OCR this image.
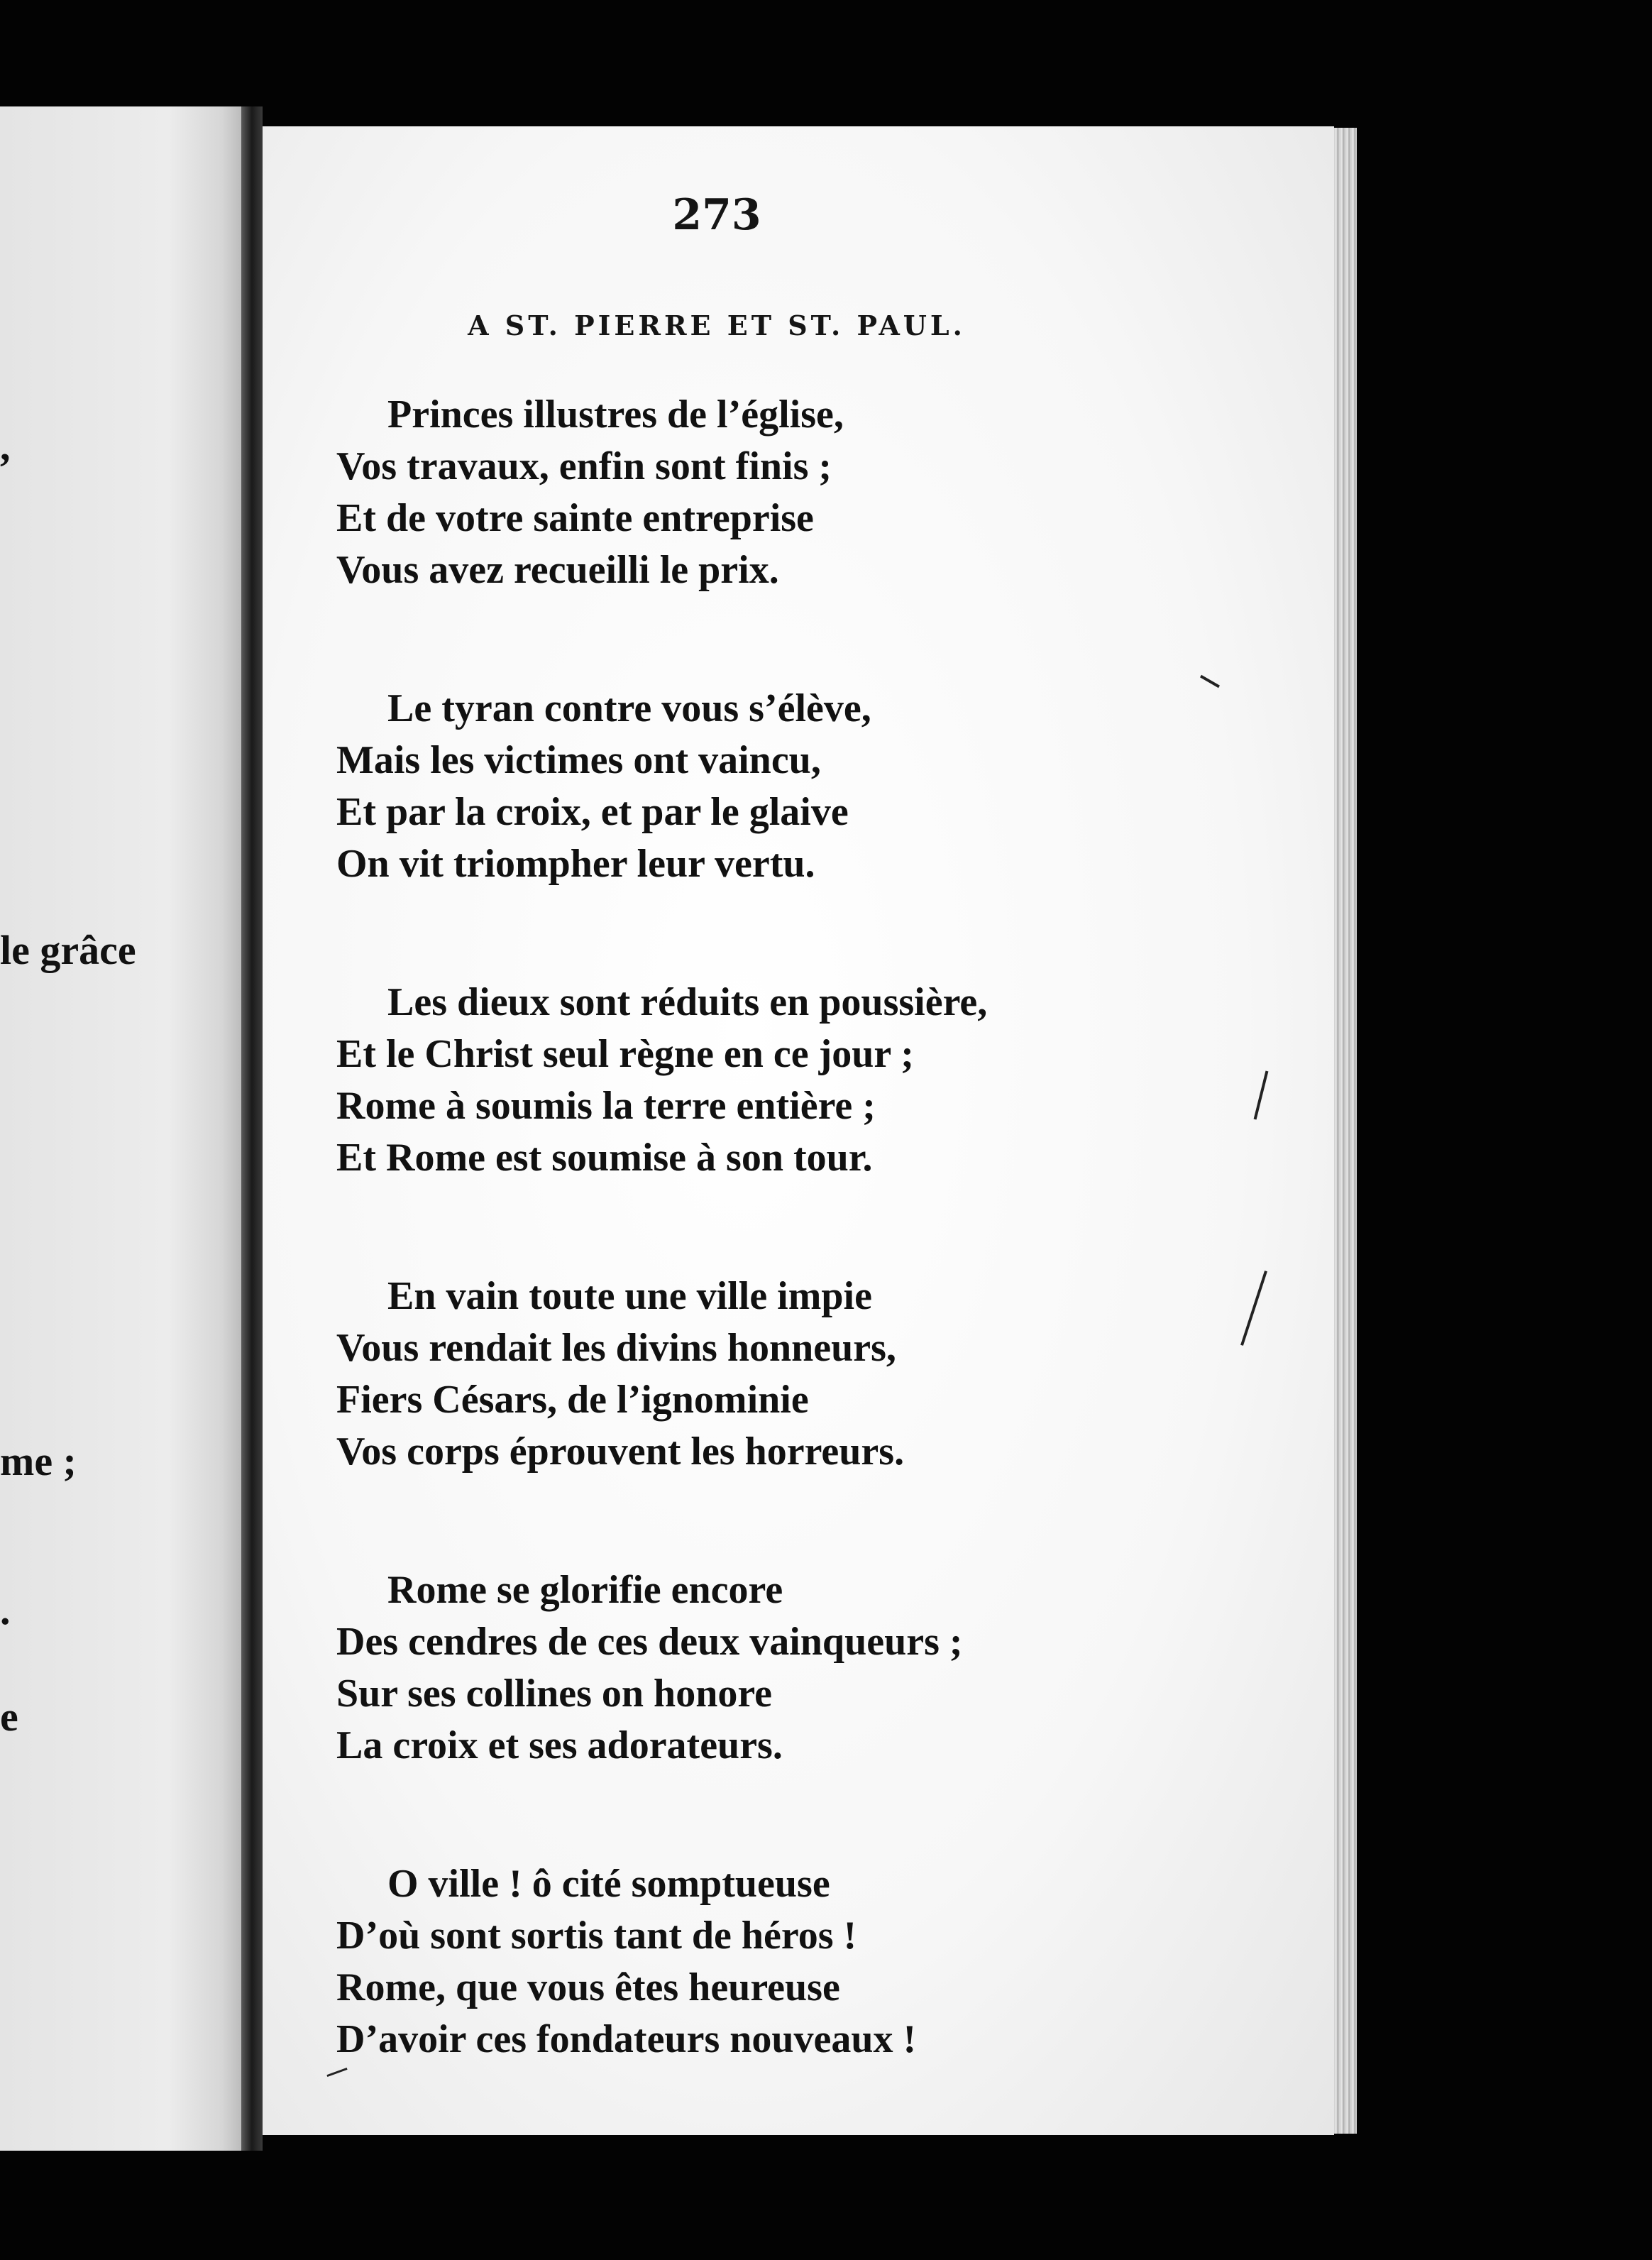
,
le grâce
me ;
.
e
273
A ST. PIERRE ET ST. PAUL.
Princes illustres de l’église,
Vos travaux, enfin sont finis ;
Et de votre sainte entreprise
Vous avez recueilli le prix.
Le tyran contre vous s’élève,
Mais les victimes ont vaincu,
Et par la croix, et par le glaive
On vit triompher leur vertu.
Les dieux sont réduits en poussière,
Et le Christ seul règne en ce jour ;
Rome à soumis la terre entière ;
Et Rome est soumise à son tour.
En vain toute une ville impie
Vous rendait les divins honneurs,
Fiers Césars, de l’ignominie
Vos corps éprouvent les horreurs.
Rome se glorifie encore
Des cendres de ces deux vainqueurs ;
Sur ses collines on honore
La croix et ses adorateurs.
O ville ! ô cité somptueuse
D’où sont sortis tant de héros !
Rome, que vous êtes heureuse
D’avoir ces fondateurs nouveaux !
